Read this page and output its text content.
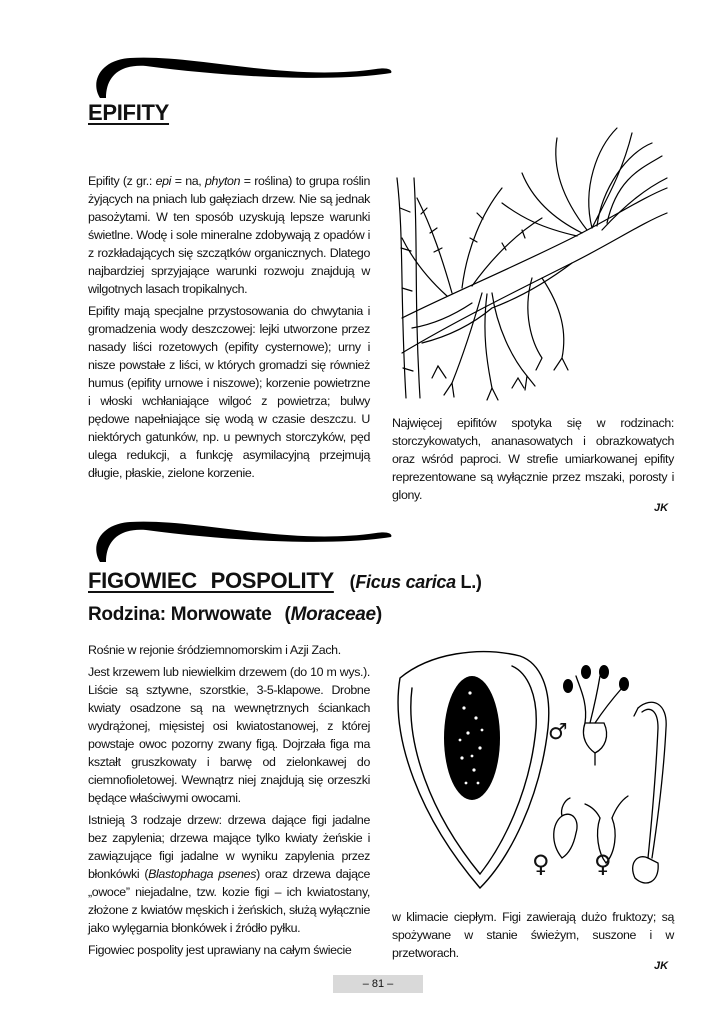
EPIFITY

Epifity (z gr.: epi = na, phyton = roślina) to grupa roślin żyjących na pniach lub gałęziach drzew. Nie są jednak pasożytami. W ten sposób uzyskują lepsze warunki świetlne. Wodę i sole mineralne zdobywają z opadów i z rozkładających się szczątków organicznych. Dlatego najbardziej sprzyjające warunki rozwoju znajdują w wilgotnych lasach tropikalnych.

Epifity mają specjalne przystosowania do chwytania i gromadzenia wody deszczowej: lejki utworzone przez nasady liści rozetowych (epifity cysternowe); urny i nisze powstałe z liści, w których gromadzi się również humus (epifity urnowe i niszowe); korzenie powietrzne i włoski wchłaniające wilgoć z powietrza; bulwy pędowe napełniające się wodą w czasie deszczu. U niektórych gatunków, np. u pewnych storczyków, pęd ulega redukcji, a funkcję asymilacyjną przejmują długie, płaskie, zielone korzenie.

Najwięcej epifitów spotyka się w rodzinach: storczykowatych, ananasowatych i obrazkowatych oraz wśród paproci. W strefie umiarkowanej epifity reprezentowane są wyłącznie przez mszaki, porosty i glony.

JK
FIGOWIEC POSPOLITY (Ficus carica L.)
Rodzina: Morwowate (Moraceae)

Rośnie w rejonie śródziemnomorskim i Azji Zach.

Jest krzewem lub niewielkim drzewem (do 10 m wys.). Liście są sztywne, szorstkie, 3-5-klapowe. Drobne kwiaty osadzone są na wewnętrznych ściankach wydrążonej, mięsistej osi kwiatostanowej, z której powstaje owoc pozorny zwany figą. Dojrzała figa ma kształt gruszkowaty i barwę od zielonkawej do ciemnofioletowej. Wewnątrz niej znajdują się orzeszki będące właściwymi owocami.

Istnieją 3 rodzaje drzew: drzewa dające figi jadalne bez zapylenia; drzewa mające tylko kwiaty żeńskie i zawiązujące figi jadalne w wyniku zapylenia przez błonkówki (Blastophaga psenes) oraz drzewa dające „owoce” niejadalne, tzw. kozie figi – ich kwiatostany, złożone z kwiatów męskich i żeńskich, służą wyłącznie jako wylęgarnia błonkówek i źródło pyłku.

Figowiec pospolity jest uprawiany na całym świecie

♂
♀ ♀

w klimacie ciepłym. Figi zawierają dużo fruktozy; są spożywane w stanie świeżym, suszone i w przetworach.

JK
– 81 –
